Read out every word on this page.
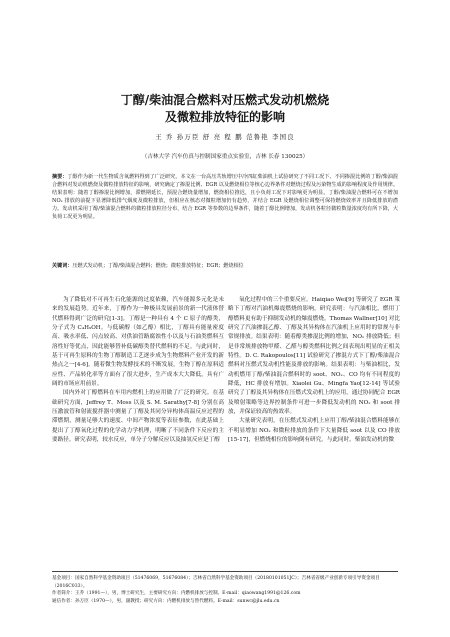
丁醇/柴油混合燃料对压燃式发动机燃烧
及微粒排放特征的影响
王 乔 孙万臣 舒 亮 程 鹏 范鲁艳 李国良
（吉林大学 汽车仿真与控制国家重点实验室，吉林 长春 130025）
摘要：丁醇作为新一代生物质含氧燃料得到了广泛研究。本文在一台高压共轨增压中冷四缸柴油机上试验研究了不同工况下、不同掺混比例的丁醇/柴油混合燃料对发动机燃烧及微粒排放特征的影响，研究确定了掺混比例、EGR 以及燃烧相位等核心边界条件对燃烧过程及污染物生成的影响程度及作用规律。结果表明：随着丁醇掺混比例增加，滞燃期延长，预混合燃烧量增加，燃烧相位推迟，且小负荷工况下对影响更为明显。丁醇/柴油混合燃料可在不增加 NOₓ 排放的前提下显著降低排气烟度及微粒排放，但相应在核态对微粒增加仍有趋势，并结合 EGR 及燃烧相位调整可保持燃烧效率并且降低排放的潜力。发动机采用丁醇/柴油混合燃料的微粒排放粒径分布，结合 EGR 等参数的边界条件，随着丁醇比例增加，发动机各粒径微粒数量浓度均有所下降，大负荷工况更为明显。
关键词：压燃式发动机；丁醇/柴油混合燃料；燃烧；微粒排放特征；EGR；燃烧相位

为了降低对不可再生石化能源的过度依赖，汽车能源多元化是未来的发展趋势。近年来，丁醇作为一种极具发展前景的新一代液体替代燃料得到广泛的研究[1-3]。丁醇是一种具有 4 个 C 原子的醇类，分子式为 C₄H₉OH。与低碳醇（如乙醇）相比，丁醇具有能量密度高、吸水率低、闪点较高、对供油管路腐蚀性小以及与石油类燃料互溶性好等优点，因此能够替补低碳醇类替代燃料的不足。与此同时，基于可再生原料的生物丁醇制造工艺逐步成为生物燃料产业开发的新热点之一[4-6]。随着微生物发酵技术的不断发展，生物丁醇在原料适应性、产品转化率等方面有了很大进步，生产成本大大降低，具有广阔的市场应用前景。

国内外对丁醇燃料在车用内燃机上的应用做了广泛的研究。在基础研究方面，Jeffrey T、Moss 以及 S. M. Sarathy[7-8] 分别在高压激波管和射流搅拌器中测量了丁醇及其同分异构体高温反应过程的滞燃期，测量足够大的速度、中间产物浓度等表征参数，在此基础上提出了丁醇氧化过程的化学动力学机理，明晰了不同条件下反应的主要路径。研究表明，较水反应，单分子分解反应以及抽氢反应是丁醇

氧化过程中的三个重要反应。Haiqiao Wei[9] 等研究了 EGR 策略下丁醇对汽油机爆震燃烧的影响。研究表明：与汽油相比，燃用丁醇燃料更有助于抑制发动机的爆震燃烧。Thomas Wallner[10] 对比研究了汽油掺混乙醇、丁醇及其异构体在汽油机上应用时的常规与非常规排放。结果表明：随着醇类掺混比例的增加，NOₓ 排放降低；但是非常规排放物甲醛、乙醛与醇类燃料比例之间表现出明显的正相关特性。D. C. Rakopoulos[11] 试验研究了掺混方式下丁醇/柴油混合燃料对压燃式发动机性能及排放的影响。结果表明：与柴油相比，发动机燃用丁醇/柴油混合燃料时的 soot、NOₓ、CO 均有不同程度的降低，HC 排放有增加。Xiaolei Gu、Mingfa Yao[12-14] 等试验研究了丁醇及其异构体在压燃式发动机上的应用，通过协同配合 EGR 及喷射策略等边界控制条件可进一步降低发动机的 NOₓ 和 soot 排放，并保证较高的热效率。

大量研究表明，在压燃式发动机上应用丁醇/柴油混合燃料能够在不明显增加 NOₓ 和微粒排放的条件下大量降低 soot 以及 CO 排放[15-17]，但燃烧相位的影响倒有研究。与此同时，柴油发动机的微

基金项目：国家自然科学基金资助项目（51476069，51676084）；吉林省自然科学基金资助项目（20180101051JC）；吉林省省级产业创新专项引导资金项目（2016C033）。
作者简介：王乔（1991—），男，博士研究生，主要研究方向：内燃机排放与控制。E-mail：qiaowang1991@126.com
通信作者：孙万臣（1970—），男，副教授；研究方向：内燃机排放与替代燃料。E-mail：sunwc@jlu.edu.cn
